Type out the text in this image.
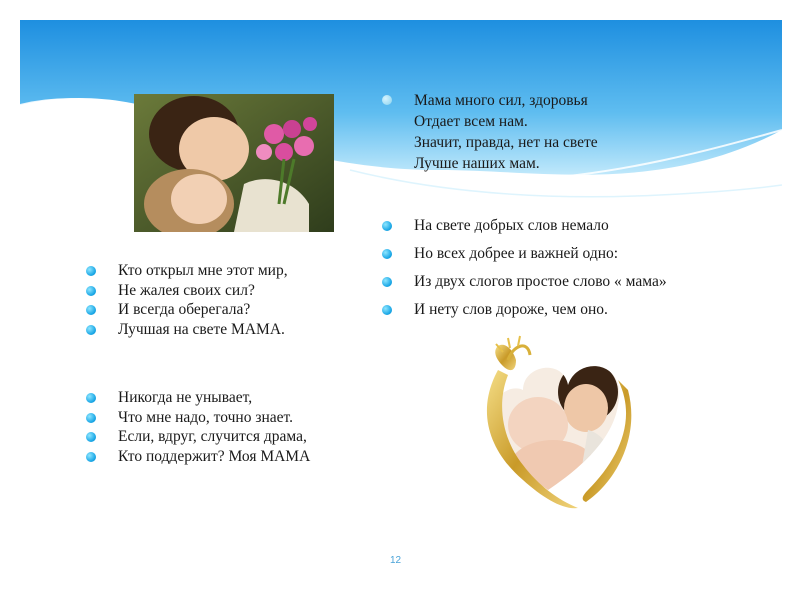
Мама много сил, здоровья
Отдает всем нам.
Значит, правда, нет на свете
Лучше наших мам.
На свете добрых слов немало
Но всех добрее и важней одно:
Из двух слогов простое слово « мама»
И нету слов дороже, чем оно.
Кто открыл мне этот мир,
Не жалея своих сил?
И всегда оберегала?
Лучшая на свете МАМА.
Никогда не унывает,
Что мне надо, точно знает.
Если, вдруг, случится драма,
Кто поддержит? Моя МАМА
12
